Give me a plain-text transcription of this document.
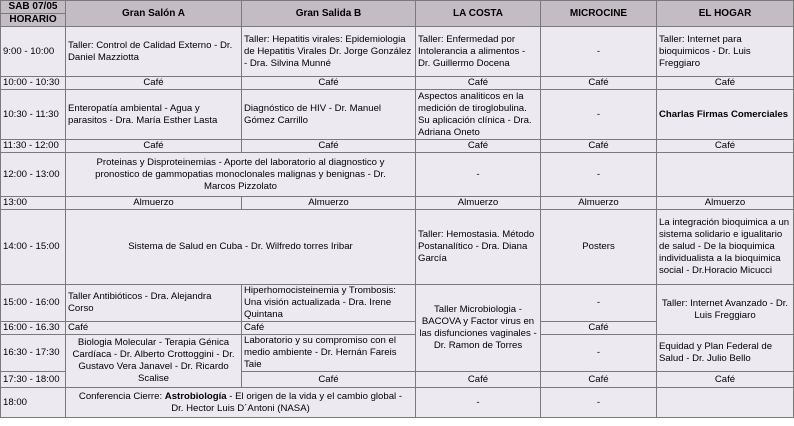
SAB 07/05
HORARIO	Gran Salón A	Gran Salida B	LA COSTA	MICROCINE	EL HOGAR
9:00 - 10:00	Taller: Control de Calidad Externo - Dr. Daniel Mazziotta	Taller: Hepatitis virales: Epidemiologia de Hepatitis Virales Dr. Jorge González - Dra. Silvina Munné	Taller: Enfermedad por Intolerancia a alimentos - Dr. Guillermo Docena	-	Taller: Internet para bioquimicos - Dr. Luis Freggiaro
10:00 - 10:30	Café	Café	Café	Café	Café
10:30 - 11:30	Enteropatía ambiental - Agua y parasitos - Dra. María Esther Lasta	Diagnóstico de HIV - Dr. Manuel Gómez Carrillo	Aspectos analiticos en la medición de tiroglobulina. Su aplicación clínica - Dra. Adriana Oneto	-	Charlas Firmas Comerciales
11:30 - 12:00	Café	Café	Café	Café	Café
12:00 - 13:00	Proteinas y Disproteinemias - Aporte del laboratorio al diagnostico y pronostico de gammopatias monoclonales malignas y benignas - Dr. Marcos Pizzolato		-	-	
13:00	Almuerzo	Almuerzo	Almuerzo	Almuerzo	Almuerzo
14:00 - 15:00	Sistema de Salud en Cuba - Dr. Wilfredo torres Iribar		Taller: Hemostasia. Método Postanalítico - Dra. Diana García	Posters	La integración bioquimica a un sistema solidario e igualitario de salud - De la bioquimica individualista a la bioquimica social - Dr.Horacio Micucci
15:00 - 16:00	Taller Antibióticos - Dra. Alejandra Corso	Hiperhomocisteinemia y Trombosis: Una visión actualizada - Dra. Irene Quintana	Taller Microbiologia - BACOVA y Factor virus en las disfunciones vaginales - Dr. Ramon de Torres	-	Taller: Internet Avanzado - Dr. Luis Freggiaro
16:00 - 16.30	Café	Café		Café	
16:30 - 17:30	Biologia Molecular - Terapia Génica Cardíaca - Dr. Alberto Crottoggini - Dr. Gustavo Vera Janavel - Dr. Ricardo Scalise	Laboratorio y su compromiso con el medio ambiente - Dr. Hernán Fareis Taie		-	Equidad y Plan Federal de Salud - Dr. Julio Bello
17:30 - 18:00		Café	Café	Café	Café
18:00	Conferencia Cierre: Astrobiología - El origen de la vida y el cambio global - Dr. Hector Luis D´Antoni (NASA)		-	-	
